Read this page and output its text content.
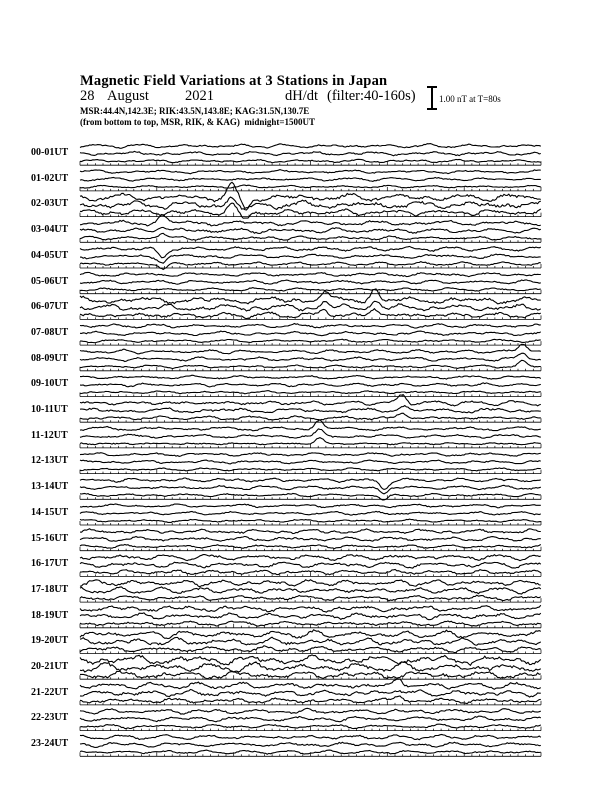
Magnetic Field Variations at 3 Stations in Japan
28 August 2021	dH/dt (filter:40-160s)
MSR:44.4N,142.3E; RIK:43.5N,143.8E; KAG:31.5N,130.7E
(from bottom to top, MSR, RIK, & KAG) midnight=1500UT
1.00 nT at T=80s
00-01UT
01-02UT
02-03UT
03-04UT
04-05UT
05-06UT
06-07UT
07-08UT
08-09UT
09-10UT
10-11UT
11-12UT
12-13UT
13-14UT
14-15UT
15-16UT
16-17UT
17-18UT
18-19UT
19-20UT
20-21UT
21-22UT
22-23UT
23-24UT
